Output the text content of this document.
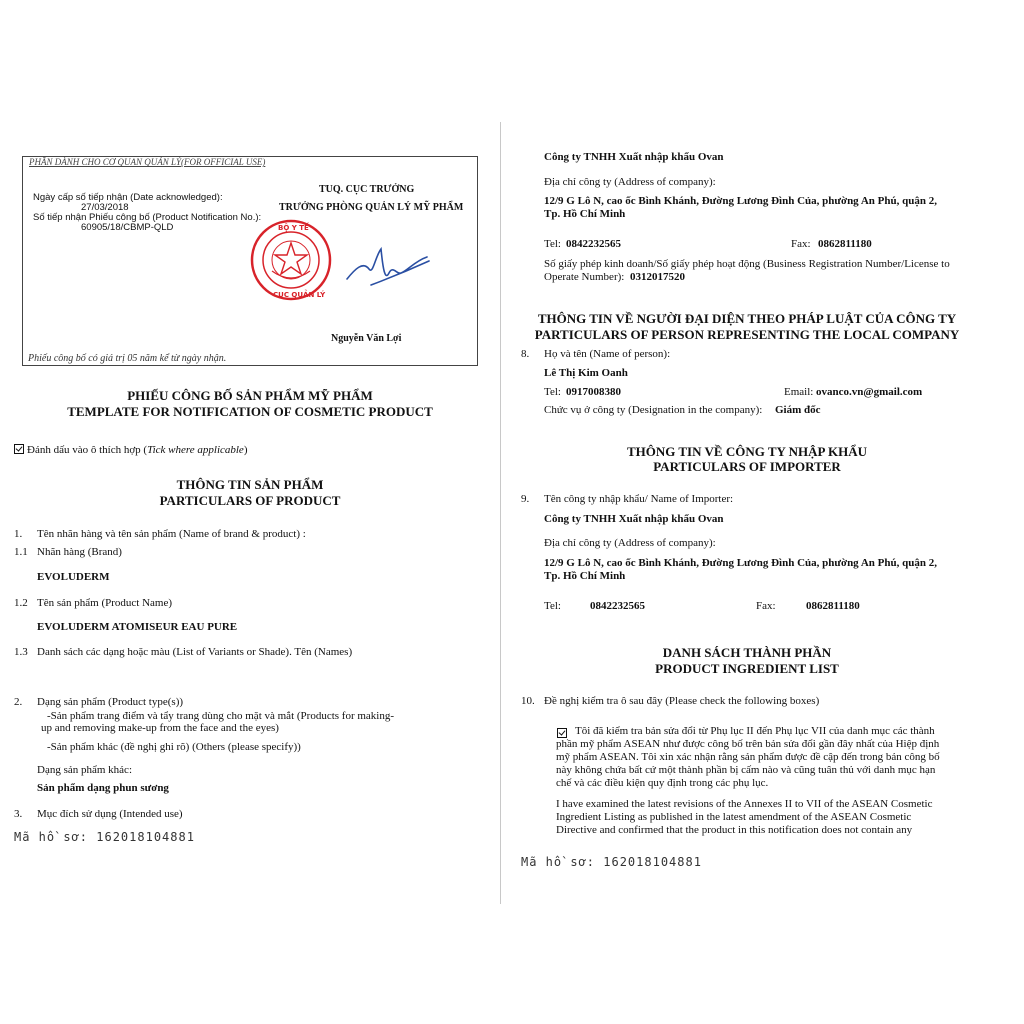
PHẦN DÀNH CHO CƠ QUAN QUẢN LÝ(FOR OFFICIAL USE)
Ngày cấp số tiếp nhận (Date acknowledged):
27/03/2018
Số tiếp nhận Phiếu công bố (Product Notification No.):
60905/18/CBMP-QLD
TUQ. CỤC TRƯỞNG
TRƯỞNG PHÒNG QUẢN LÝ MỸ PHẨM
BỘ Y TẾ
CỤC QUẢN LÝ
Nguyễn Văn Lợi
Phiếu công bố có giá trị 05 năm kể từ ngày nhận.
PHIẾU CÔNG BỐ SẢN PHẨM MỸ PHẨM
TEMPLATE FOR NOTIFICATION OF COSMETIC PRODUCT
Đánh dấu vào ô thích hợp (Tick where applicable)
THÔNG TIN SẢN PHẨM
PARTICULARS OF PRODUCT
1. Tên nhãn hàng và tên sản phẩm (Name of brand & product) :
1.1 Nhãn hàng (Brand)
EVOLUDERM
1.2 Tên sản phẩm (Product Name)
EVOLUDERM ATOMISEUR EAU PURE
1.3 Danh sách các dạng hoặc màu (List of Variants or Shade). Tên (Names)
2. Dạng sản phẩm (Product type(s))
-Sản phẩm trang điểm và tẩy trang dùng cho mặt và mắt (Products for making-
up and removing make-up from the face and the eyes)
-Sản phẩm khác (đề nghị ghi rõ) (Others (please specify))
Dạng sản phẩm khác:
Sản phẩm dạng phun sương
3. Mục đích sử dụng (Intended use)
Mã hồ sơ: 162018104881
Công ty TNHH Xuất nhập khẩu Ovan
Địa chỉ công ty (Address of company):
12/9 G Lô N, cao ốc Bình Khánh, Đường Lương Đình Của, phường An Phú, quận 2,
Tp. Hồ Chí Minh
Tel: 0842232565	Fax: 0862811180
Số giấy phép kinh doanh/Số giấy phép hoạt động (Business Registration Number/License to
Operate Number): 0312017520
THÔNG TIN VỀ NGƯỜI ĐẠI DIỆN THEO PHÁP LUẬT CỦA CÔNG TY
PARTICULARS OF PERSON REPRESENTING THE LOCAL COMPANY
8. Họ và tên (Name of person):
Lê Thị Kim Oanh
Tel: 0917008380	Email: ovanco.vn@gmail.com
Chức vụ ở công ty (Designation in the company): Giám đốc
THÔNG TIN VỀ CÔNG TY NHẬP KHẨU
PARTICULARS OF IMPORTER
9. Tên công ty nhập khẩu/ Name of Importer:
Công ty TNHH Xuất nhập khẩu Ovan
Địa chỉ công ty (Address of company):
12/9 G Lô N, cao ốc Bình Khánh, Đường Lương Đình Của, phường An Phú, quận 2,
Tp. Hồ Chí Minh
Tel:	0842232565	Fax:	0862811180
DANH SÁCH THÀNH PHẦN
PRODUCT INGREDIENT LIST
10. Đề nghị kiểm tra ô sau đây (Please check the following boxes)
Tôi đã kiểm tra bản sửa đổi từ Phụ lục II đến Phụ lục VII của danh mục các thành
phần mỹ phẩm ASEAN như được công bố trên bản sửa đổi gần đây nhất của Hiệp định
mỹ phẩm ASEAN. Tôi xin xác nhận rằng sản phẩm được đề cập đến trong bản công bố
này không chứa bất cứ một thành phần bị cấm nào và cũng tuân thủ với danh mục hạn
chế và các điều kiện quy định trong các phụ lục.
I have examined the latest revisions of the Annexes II to VII of the ASEAN Cosmetic
Ingredient Listing as published in the latest amendment of the ASEAN Cosmetic
Directive and confirmed that the product in this notification does not contain any
Mã hồ sơ: 162018104881
